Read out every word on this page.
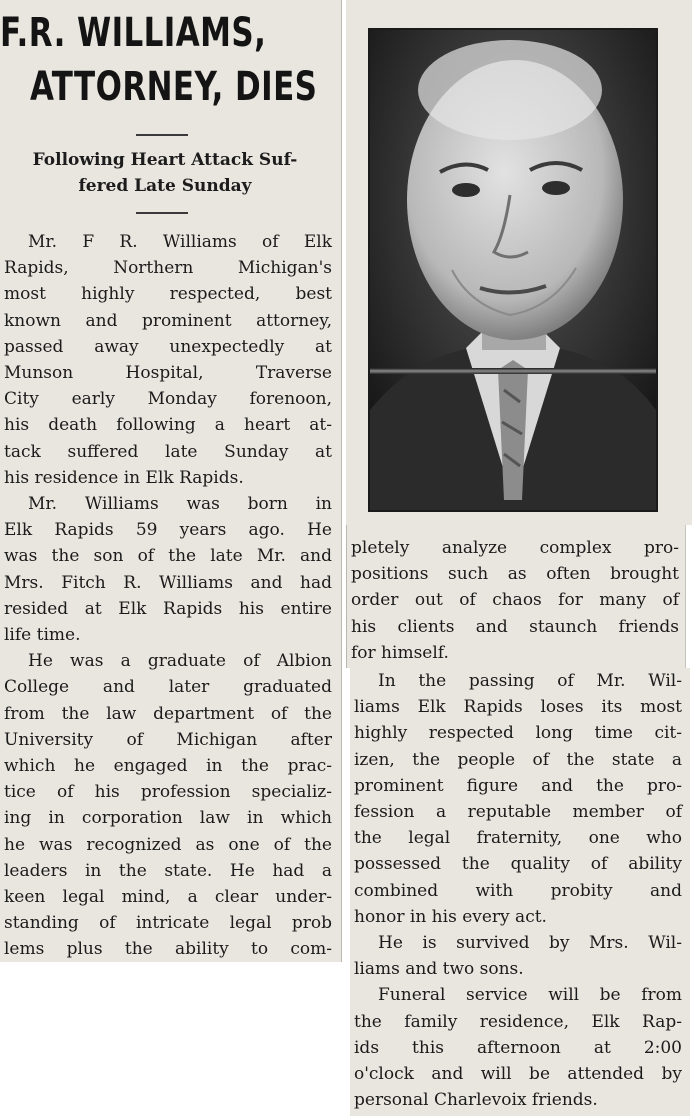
F.R. WILLIAMS,
ATTORNEY, DIES
Following Heart Attack Suf-
fered Late Sunday
Mr. F R. Williams of Elk
Rapids, Northern Michigan's
most highly respected, best
known and prominent attorney,
passed away unexpectedly at
Munson Hospital, Traverse
City early Monday forenoon,
his death following a heart at-
tack suffered late Sunday at
his residence in Elk Rapids.
Mr. Williams was born in
Elk Rapids 59 years ago. He
was the son of the late Mr. and
Mrs. Fitch R. Williams and had
resided at Elk Rapids his entire
life time.
He was a graduate of Albion
College and later graduated
from the law department of the
University of Michigan after
which he engaged in the prac-
tice of his profession specializ-
ing in corporation law in which
he was recognized as one of the
leaders in the state. He had a
keen legal mind, a clear under-
standing of intricate legal prob
lems plus the ability to com-
pletely analyze complex pro-
positions such as often brought
order out of chaos for many of
his clients and staunch friends
for himself.
In the passing of Mr. Wil-
liams Elk Rapids loses its most
highly respected long time cit-
izen, the people of the state a
prominent figure and the pro-
fession a reputable member of
the legal fraternity, one who
possessed the quality of ability
combined with probity and
honor in his every act.
He is survived by Mrs. Wil-
liams and two sons.
Funeral service will be from
the family residence, Elk Rap-
ids this afternoon at 2:00
o'clock and will be attended by
personal Charlevoix friends.
